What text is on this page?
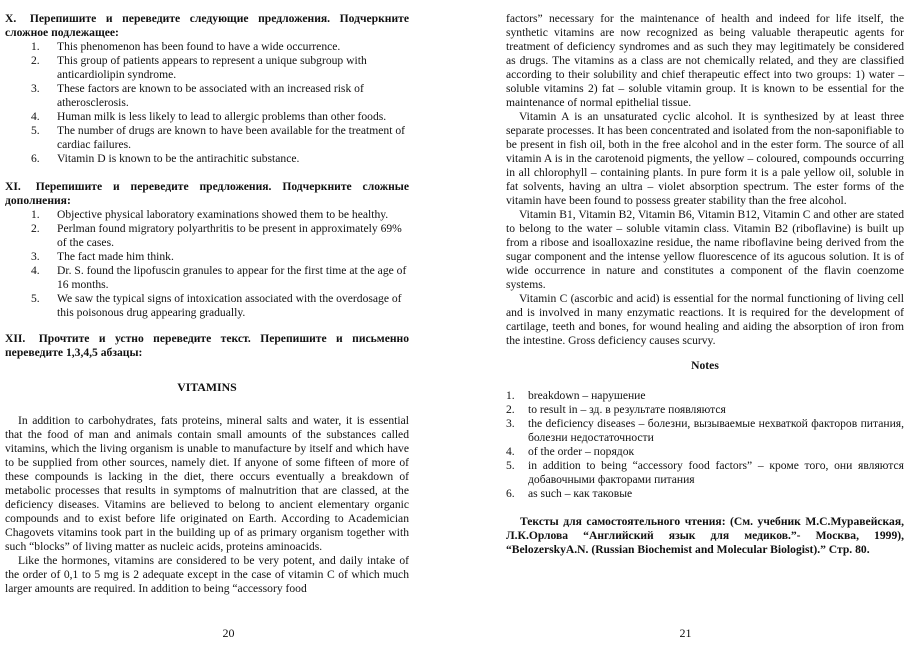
X. Перепишите и переведите следующие предложения. Подчеркните сложное подлежащее:

1.	This phenomenon has been found to have a wide occurrence.
2.	This group of patients appears to represent a unique subgroup with anticardiolipin syndrome.
3.	These factors are known to be associated with an increased risk of atherosclerosis.
4.	Human milk is less likely to lead to allergic problems than other foods.
5.	The number of drugs are known to have been available for the treatment of cardiac failures.
6.	Vitamin D is known to be the antirachitic substance.

XI. Перепишите и переведите предложения. Подчеркните сложные дополнения:

1.	Objective physical laboratory examinations showed them to be healthy.
2.	Perlman found migratory polyarthritis to be present in approximately 69% of the cases.
3.	The fact made him think.
4.	Dr. S. found the lipofuscin granules to appear for the first time at the age of 16 months.
5.	We saw the typical signs of intoxication associated with the overdosage of this poisonous drug appearing gradually.

XII. Прочтите и устно переведите текст. Перепишите и письменно переведите 1,3,4,5 абзацы:

VITAMINS

In addition to carbohydrates, fats proteins, mineral salts and water, it is essential that the food of man and animals contain small amounts of the substances called vitamins, which the living organism is unable to manufacture by itself and which have to be supplied from other sources, namely diet. If anyone of some fifteen of more of these compounds is lacking in the diet, there occurs eventually a breakdown of metabolic processes that results in symptoms of malnutrition that are classed, at the deficiency diseases. Vitamins are believed to belong to ancient elementary organic compounds and to exist before life originated on Earth. According to Academician Chagovets vitamins took part in the building up of as primary organism together with such “blocks” of living matter as nucleic acids, proteins aminoacids.

Like the hormones, vitamins are considered to be very potent, and daily intake of the order of 0,1 to 5 mg is 2 adequate except in the case of vitamin C of which much larger amounts are required. In addition to being “accessory food

20

factors” necessary for the maintenance of health and indeed for life itself, the synthetic vitamins are now recognized as being valuable therapeutic agents for treatment of deficiency syndromes and as such they may legitimately be considered as drugs. The vitamins as a class are not chemically related, and they are classified according to their solubility and chief therapeutic effect into two groups: 1) water – soluble vitamins 2) fat – soluble vitamin group. It is known to be essential for the maintenance of normal epithelial tissue.

Vitamin A is an unsaturated cyclic alcohol. It is synthesized by at least three separate processes. It has been concentrated and isolated from the non-saponifiable to be present in fish oil, both in the free alcohol and in the ester form. The source of all vitamin A is in the carotenoid pigments, the yellow – coloured, compounds occurring in all chlorophyll – containing plants. In pure form it is a pale yellow oil, soluble in fat solvents, having an ultra – violet absorption spectrum. The ester forms of the vitamin have been found to possess greater stability than the free alcohol.

Vitamin B1, Vitamin B2, Vitamin B6, Vitamin B12, Vitamin C and other are stated to belong to the water – soluble vitamin class. Vitamin B2 (riboflavine) is built up from a ribose and isoalloxazine residue, the name riboflavine being derived from the sugar component and the intense yellow fluorescence of its agucous solution. It is of wide occurrence in nature and constitutes a component of the flavin coenzome systems.

Vitamin C (ascorbic and acid) is essential for the normal functioning of living cell and is involved in many enzymatic reactions. It is required for the development of cartilage, teeth and bones, for wound healing and aiding the absorption of iron from the intestine. Gross deficiency causes scurvy.

Notes
1.	breakdown – нарушение
2.	to result in – зд. в результате появляются
3.	the deficiency diseases – болезни, вызываемые нехваткой факторов питания, болезни недостаточности
4.	of the order – порядок
5.	in addition to being “accessory food factors” – кроме того, они являются добавочными факторами питания
6.	as such – как таковые

Тексты для самостоятельного чтения: (См. учебник М.С.Муравейская, Л.К.Орлова “Английский язык для медиков.”- Москва, 1999), “BelozerskyA.N. (Russian Biochemist and Molecular Biologist).” Стр. 80.

21
